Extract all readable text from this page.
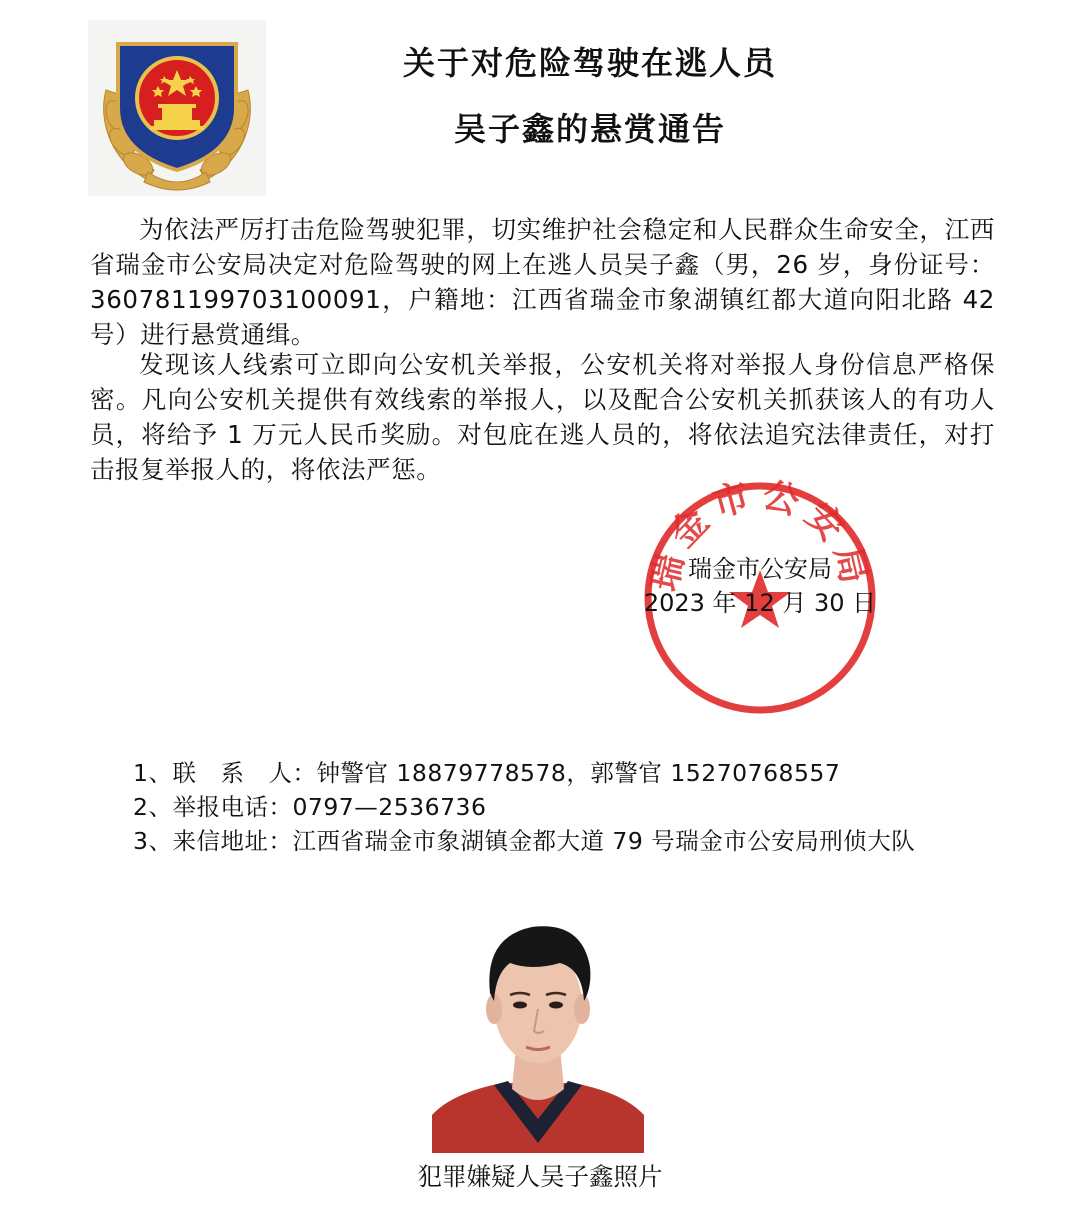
关于对危险驾驶在逃人员
吴子鑫的悬赏通告

为依法严厉打击危险驾驶犯罪，切实维护社会稳定和人民群众生命安全，江西省瑞金市公安局决定对危险驾驶的网上在逃人员吴子鑫（男，26 岁，身份证号：360781199703100091，户籍地：江西省瑞金市象湖镇红都大道向阳北路 42 号）进行悬赏通缉。

发现该人线索可立即向公安机关举报，公安机关将对举报人身份信息严格保密。凡向公安机关提供有效线索的举报人，以及配合公安机关抓获该人的有功人员，将给予 1 万元人民币奖励。对包庇在逃人员的，将依法追究法律责任，对打击报复举报人的，将依法严惩。

瑞金市公安局
瑞金市公安局
2023 年 12 月 30 日
1、联　系　人：钟警官 18879778578，郭警官 15270768557
2、举报电话：0797—2536736
3、来信地址：江西省瑞金市象湖镇金都大道 79 号瑞金市公安局刑侦大队
犯罪嫌疑人吴子鑫照片
